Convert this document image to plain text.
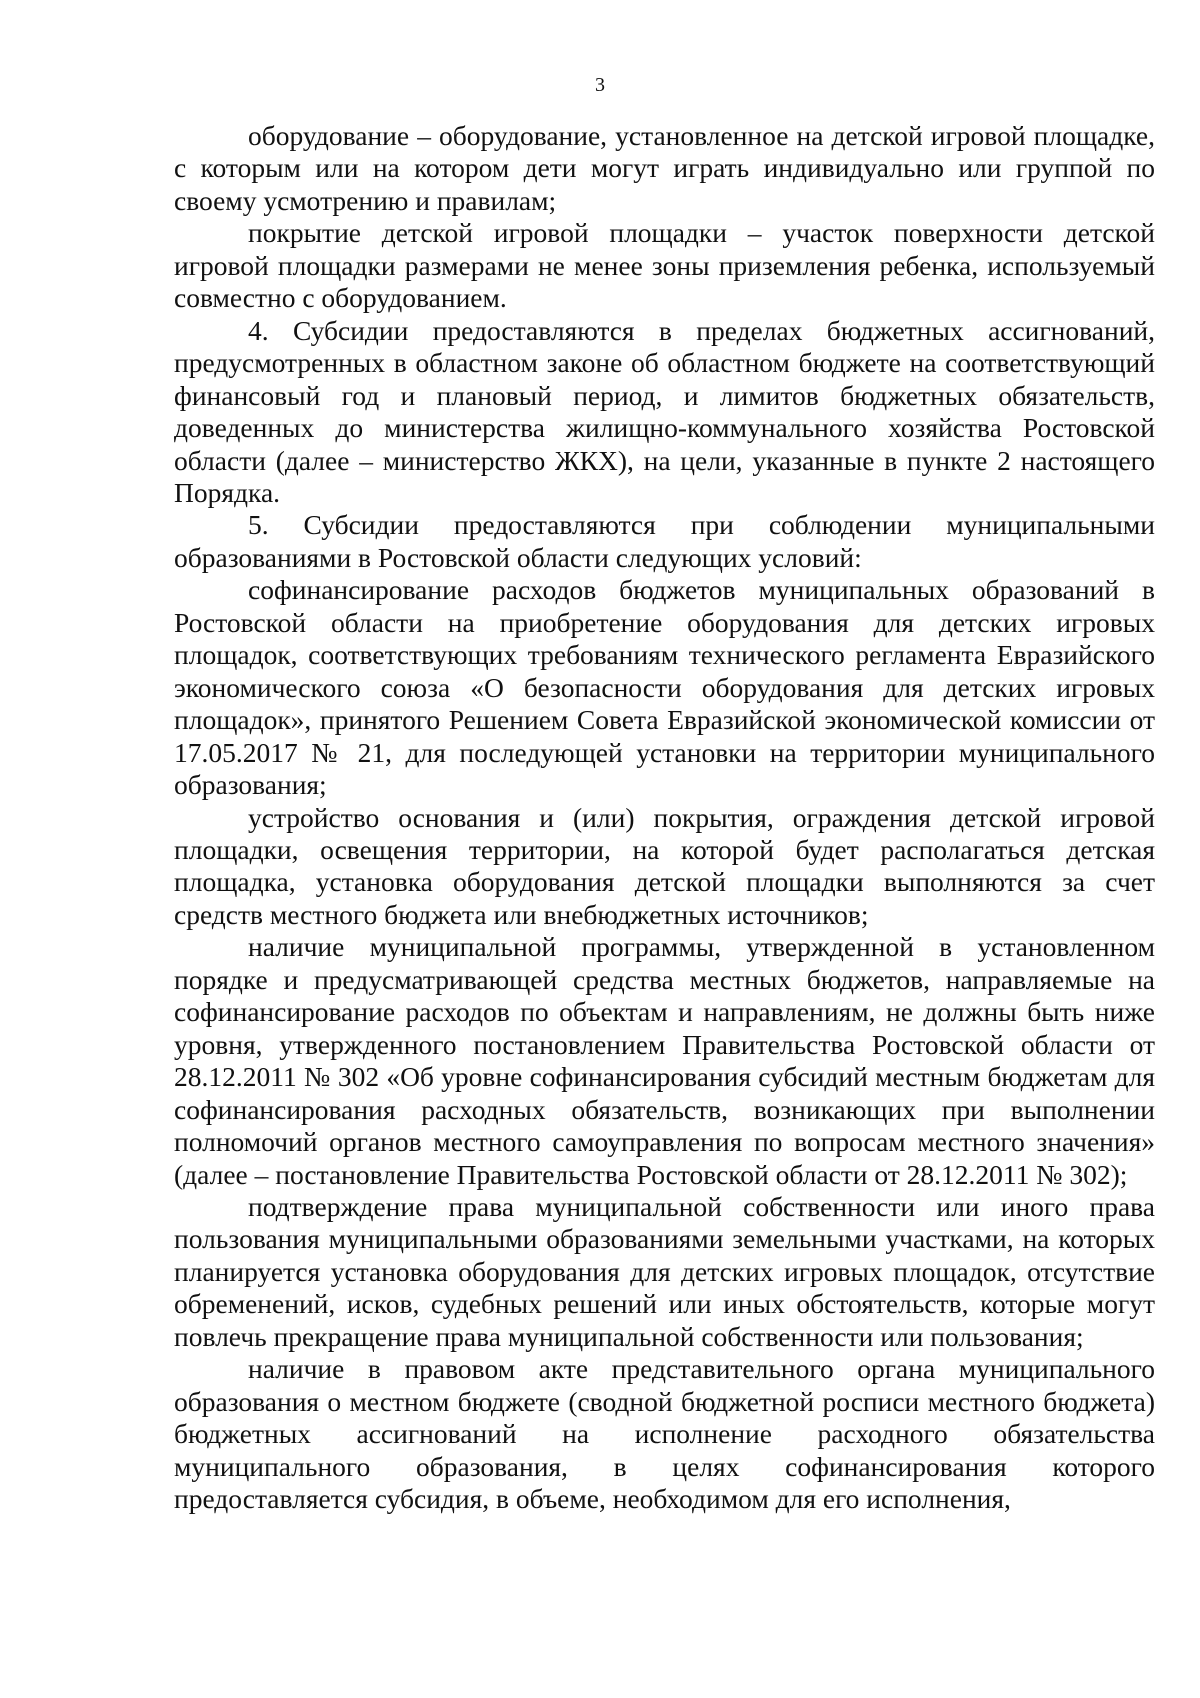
3

оборудование – оборудование, установленное на детской игровой площадке, с которым или на котором дети могут играть индивидуально или группой по своему усмотрению и правилам;

покрытие детской игровой площадки – участок поверхности детской игровой площадки размерами не менее зоны приземления ребенка, используемый совместно с оборудованием.

4. Субсидии предоставляются в пределах бюджетных ассигнований, предусмотренных в областном законе об областном бюджете на соответствующий финансовый год и плановый период, и лимитов бюджетных обязательств, доведенных до министерства жилищно-коммунального хозяйства Ростовской области (далее – министерство ЖКХ), на цели, указанные в пункте 2 настоящего Порядка.

5. Субсидии предоставляются при соблюдении муниципальными образованиями в Ростовской области следующих условий:

софинансирование расходов бюджетов муниципальных образований в Ростовской области на приобретение оборудования для детских игровых площадок, соответствующих требованиям технического регламента Евразийского экономического союза «О безопасности оборудования для детских игровых площадок», принятого Решением Совета Евразийской экономической комиссии от 17.05.2017 № 21, для последующей установки на территории муниципального образования;

устройство основания и (или) покрытия, ограждения детской игровой площадки, освещения территории, на которой будет располагаться детская площадка, установка оборудования детской площадки выполняются за счет средств местного бюджета или внебюджетных источников;

наличие муниципальной программы, утвержденной в установленном порядке и предусматривающей средства местных бюджетов, направляемые на софинансирование расходов по объектам и направлениям, не должны быть ниже уровня, утвержденного постановлением Правительства Ростовской области от 28.12.2011 № 302 «Об уровне софинансирования субсидий местным бюджетам для софинансирования расходных обязательств, возникающих при выполнении полномочий органов местного самоуправления по вопросам местного значения» (далее – постановление Правительства Ростовской области от 28.12.2011 № 302);

подтверждение права муниципальной собственности или иного права пользования муниципальными образованиями земельными участками, на которых планируется установка оборудования для детских игровых площадок, отсутствие обременений, исков, судебных решений или иных обстоятельств, которые могут повлечь прекращение права муниципальной собственности или пользования;

наличие в правовом акте представительного органа муниципального образования о местном бюджете (сводной бюджетной росписи местного бюджета) бюджетных ассигнований на исполнение расходного обязательства муниципального образования, в целях софинансирования которого предоставляется субсидия, в объеме, необходимом для его исполнения,
